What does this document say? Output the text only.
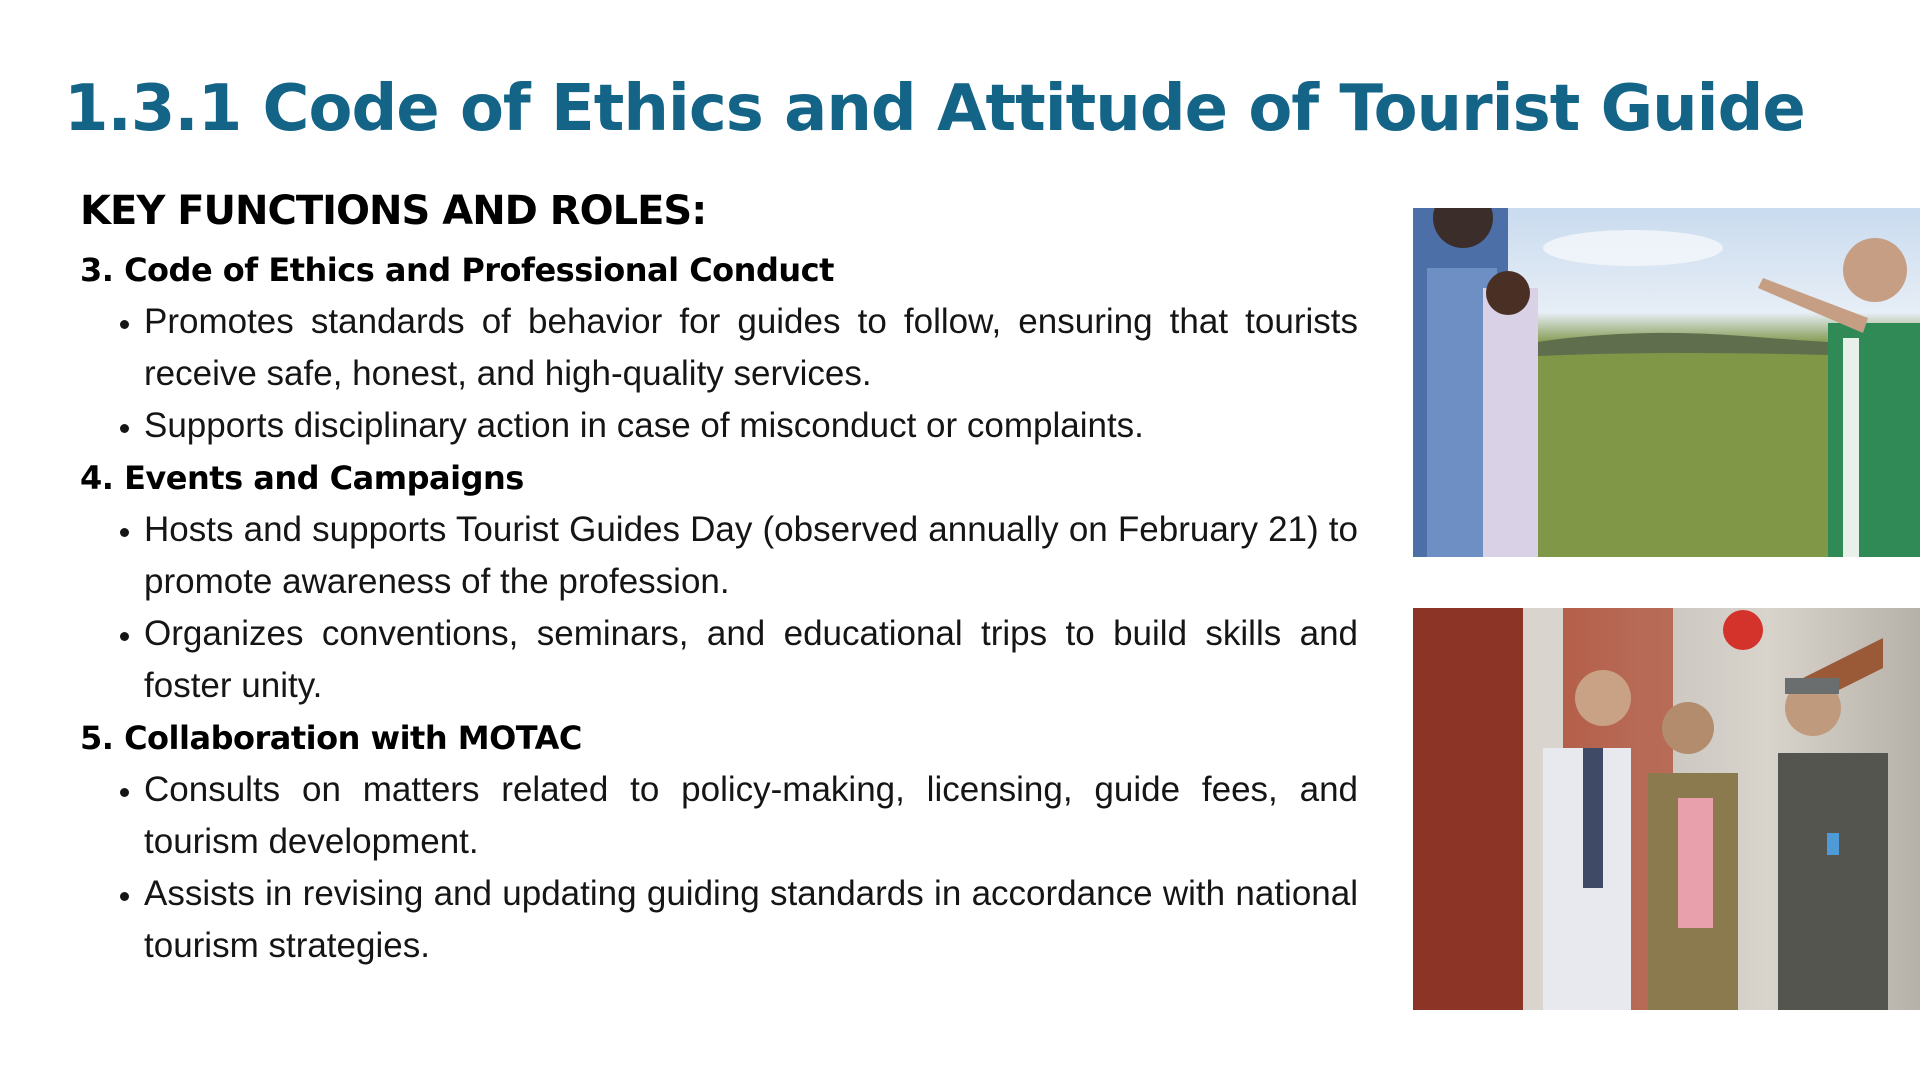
1.3.1 Code of Ethics and Attitude of Tourist Guide
KEY FUNCTIONS AND ROLES:
3. Code of Ethics and Professional Conduct
Promotes standards of behavior for guides to follow, ensuring that tourists receive safe, honest, and high-quality services.
Supports disciplinary action in case of misconduct or complaints.
4. Events and Campaigns
Hosts and supports Tourist Guides Day (observed annually on February 21) to promote awareness of the profession.
Organizes conventions, seminars, and educational trips to build skills and foster unity.
5. Collaboration with MOTAC
Consults on matters related to policy-making, licensing, guide fees, and tourism development.
Assists in revising and updating guiding standards in accordance with national tourism strategies.
